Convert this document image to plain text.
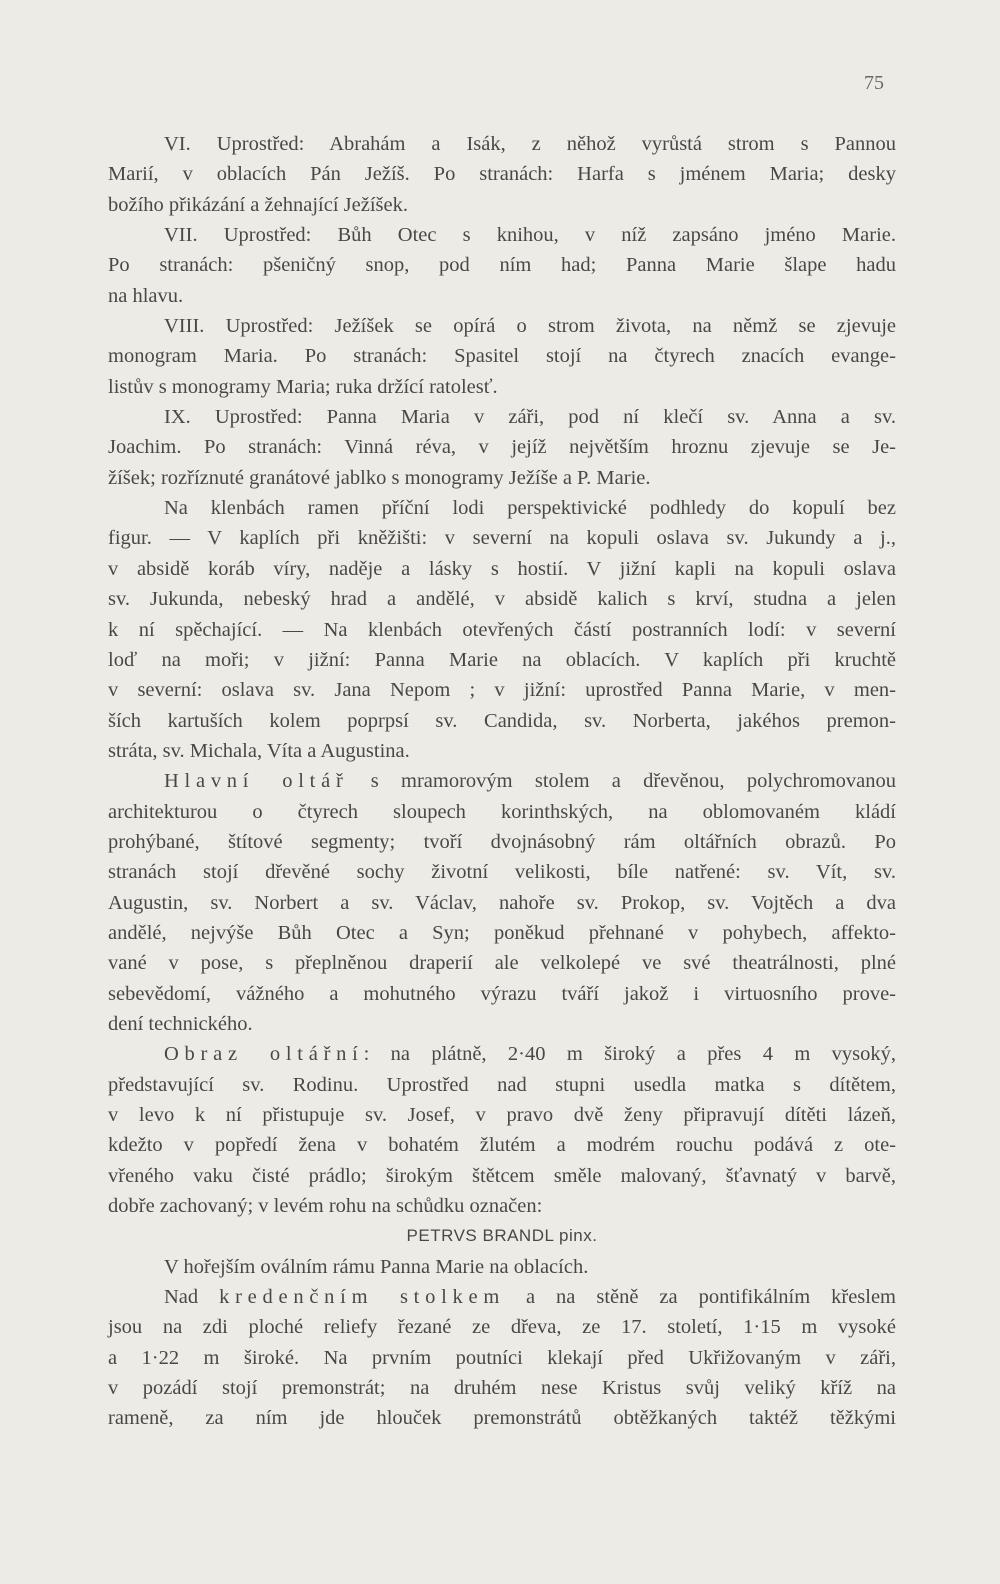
75
VI. Uprostřed: Abrahám a Isák, z něhož vyrůstá strom s Pannou
Marií, v oblacích Pán Ježíš. Po stranách: Harfa s jménem Maria; desky
božího přikázání a žehnající Ježíšek.
VII. Uprostřed: Bůh Otec s knihou, v níž zapsáno jméno Marie.
Po stranách: pšeničný snop, pod ním had; Panna Marie šlape hadu
na hlavu.
VIII. Uprostřed: Ježíšek se opírá o strom života, na němž se zjevuje
monogram Maria. Po stranách: Spasitel stojí na čtyrech znacích evange-
listův s monogramy Maria; ruka držící ratolesť.
IX. Uprostřed: Panna Maria v záři, pod ní klečí sv. Anna a sv.
Joachim. Po stranách: Vinná réva, v jejíž největším hroznu zjevuje se Je-
žíšek; rozříznuté granátové jablko s monogramy Ježíše a P. Marie.
Na klenbách ramen příční lodi perspektivické podhledy do kopulí bez
figur. — V kaplích při kněžišti: v severní na kopuli oslava sv. Jukundy a j.,
v absidě koráb víry, naděje a lásky s hostií. V jižní kapli na kopuli oslava
sv. Jukunda, nebeský hrad a andělé, v absidě kalich s krví, studna a jelen
k ní spěchající. — Na klenbách otevřených částí postranních lodí: v severní
loď na moři; v jižní: Panna Marie na oblacích. V kaplích při kruchtě
v severní: oslava sv. Jana Nepom ; v jižní: uprostřed Panna Marie, v men-
ších kartuších kolem poprpsí sv. Candida, sv. Norberta, jakéhos premon-
stráta, sv. Michala, Víta a Augustina.
Hlavní oltář s mramorovým stolem a dřevěnou, polychromovanou
architekturou o čtyrech sloupech korinthských, na oblomovaném kládí
prohýbané, štítové segmenty; tvoří dvojnásobný rám oltářních obrazů. Po
stranách stojí dřevěné sochy životní velikosti, bíle natřené: sv. Vít, sv.
Augustin, sv. Norbert a sv. Václav, nahoře sv. Prokop, sv. Vojtěch a dva
andělé, nejvýše Bůh Otec a Syn; poněkud přehnané v pohybech, affekto-
vané v pose, s přeplněnou draperií ale velkolepé ve své theatrálnosti, plné
sebevědomí, vážného a mohutného výrazu tváří jakož i virtuosního prove-
dení technického.
Obraz oltářní: na plátně, 2·40 m široký a přes 4 m vysoký,
představující sv. Rodinu. Uprostřed nad stupni usedla matka s dítětem,
v levo k ní přistupuje sv. Josef, v pravo dvě ženy připravují dítěti lázeň,
kdežto v popředí žena v bohatém žlutém a modrém rouchu podává z ote-
vřeného vaku čisté prádlo; širokým štětcem směle malovaný, šťavnatý v barvě,
dobře zachovaný; v levém rohu na schůdku označen:
PETRVS BRANDL pinx.
V hořejším oválním rámu Panna Marie na oblacích.
Nad kredenčním stolkem a na stěně za pontifikálním křeslem
jsou na zdi ploché reliefy řezané ze dřeva, ze 17. století, 1·15 m vysoké
a 1·22 m široké. Na prvním poutníci klekají před Ukřižovaným v záři,
v pozádí stojí premonstrát; na druhém nese Kristus svůj veliký kříž na
rameně, za ním jde hlouček premonstrátů obtěžkaných taktéž těžkými
